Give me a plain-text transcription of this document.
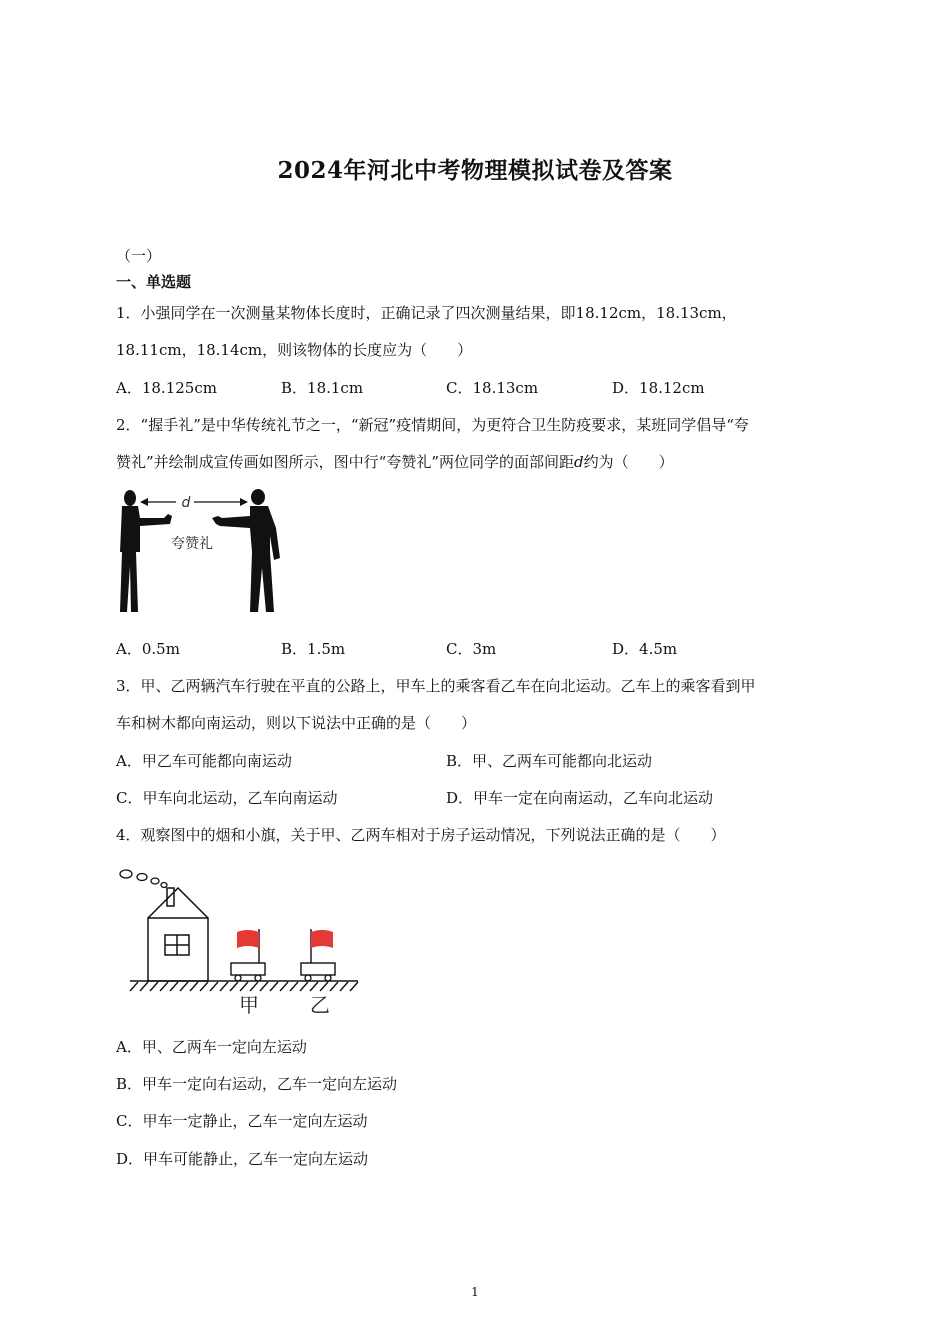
2024年河北中考物理模拟试卷及答案
（一）
一、单选题
1．小强同学在一次测量某物体长度时，正确记录了四次测量结果，即18.12cm，18.13cm，
18.11cm，18.14cm，则该物体的长度应为（　　）
A．18.125cm	B．18.1cm	C．18.13cm	D．18.12cm
2．“握手礼”是中华传统礼节之一，“新冠”疫情期间，为更符合卫生防疫要求，某班同学倡导“夸
赞礼”并绘制成宣传画如图所示，图中行“夸赞礼”两位同学的面部间距d约为（　　）
d
夸赞礼
A．0.5m	B．1.5m	C．3m	D．4.5m
3．甲、乙两辆汽车行驶在平直的公路上，甲车上的乘客看乙车在向北运动。乙车上的乘客看到甲
车和树木都向南运动，则以下说法中正确的是（　　）
A．甲乙车可能都向南运动	B．甲、乙两车可能都向北运动
C．甲车向北运动，乙车向南运动	D．甲车一定在向南运动，乙车向北运动
4．观察图中的烟和小旗，关于甲、乙两车相对于房子运动情况，下列说法正确的是（　　）
甲	乙
A．甲、乙两车一定向左运动
B．甲车一定向右运动，乙车一定向左运动
C．甲车一定静止，乙车一定向左运动
D．甲车可能静止，乙车一定向左运动
1
